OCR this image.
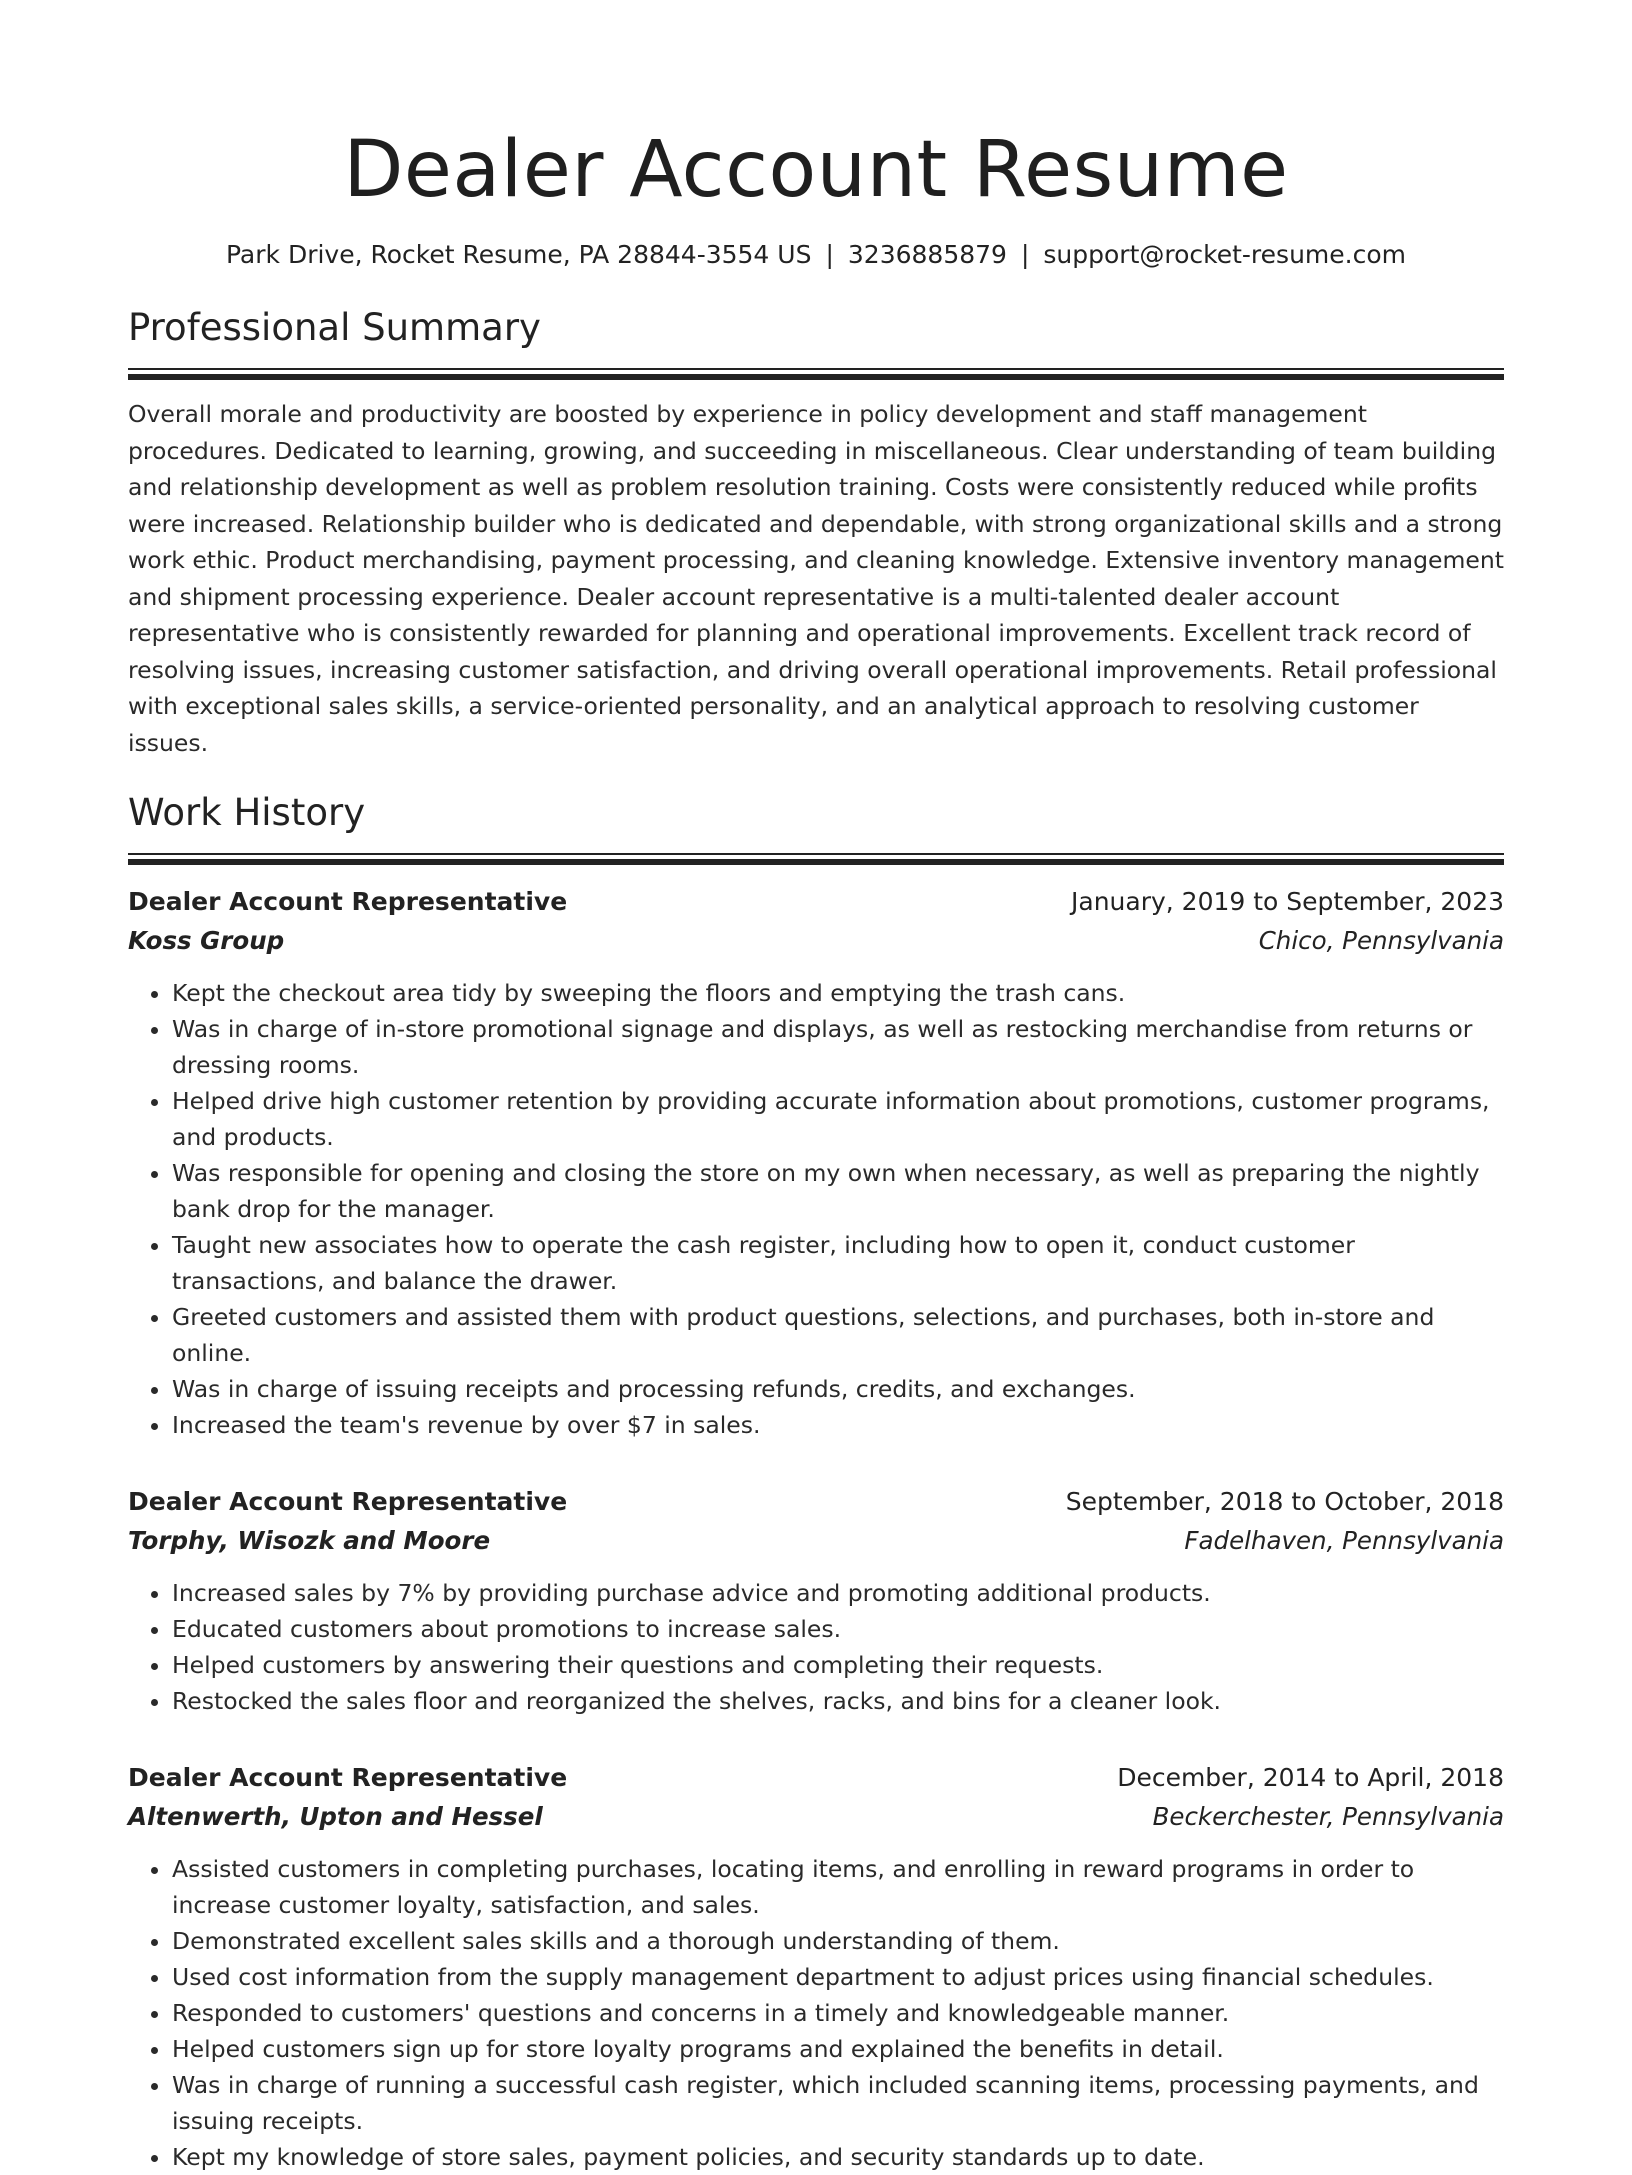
Dealer Account Resume
Park Drive, Rocket Resume, PA 28844-3554 US | 3236885879 | support@rocket-resume.com
Professional Summary

Overall morale and productivity are boosted by experience in policy development and staff management procedures. Dedicated to learning, growing, and succeeding in miscellaneous. Clear understanding of team building and relationship development as well as problem resolution training. Costs were consistently reduced while profits were increased. Relationship builder who is dedicated and dependable, with strong organizational skills and a strong work ethic. Product merchandising, payment processing, and cleaning knowledge. Extensive inventory management and shipment processing experience. Dealer account representative is a multi-talented dealer account representative who is consistently rewarded for planning and operational improvements. Excellent track record of resolving issues, increasing customer satisfaction, and driving overall operational improvements. Retail professional with exceptional sales skills, a service-oriented personality, and an analytical approach to resolving customer issues.

Work History
Dealer Account Representative	January, 2019 to September, 2023
Koss Group	Chico, Pennsylvania
• Kept the checkout area tidy by sweeping the floors and emptying the trash cans.
• Was in charge of in-store promotional signage and displays, as well as restocking merchandise from returns or dressing rooms.
• Helped drive high customer retention by providing accurate information about promotions, customer programs, and products.
• Was responsible for opening and closing the store on my own when necessary, as well as preparing the nightly bank drop for the manager.
• Taught new associates how to operate the cash register, including how to open it, conduct customer transactions, and balance the drawer.
• Greeted customers and assisted them with product questions, selections, and purchases, both in-store and online.
• Was in charge of issuing receipts and processing refunds, credits, and exchanges.
• Increased the team's revenue by over $7 in sales.
Dealer Account Representative	September, 2018 to October, 2018
Torphy, Wisozk and Moore	Fadelhaven, Pennsylvania
• Increased sales by 7% by providing purchase advice and promoting additional products.
• Educated customers about promotions to increase sales.
• Helped customers by answering their questions and completing their requests.
• Restocked the sales floor and reorganized the shelves, racks, and bins for a cleaner look.
Dealer Account Representative	December, 2014 to April, 2018
Altenwerth, Upton and Hessel	Beckerchester, Pennsylvania
• Assisted customers in completing purchases, locating items, and enrolling in reward programs in order to increase customer loyalty, satisfaction, and sales.
• Demonstrated excellent sales skills and a thorough understanding of them.
• Used cost information from the supply management department to adjust prices using financial schedules.
• Responded to customers' questions and concerns in a timely and knowledgeable manner.
• Helped customers sign up for store loyalty programs and explained the benefits in detail.
• Was in charge of running a successful cash register, which included scanning items, processing payments, and issuing receipts.
• Kept my knowledge of store sales, payment policies, and security standards up to date.
